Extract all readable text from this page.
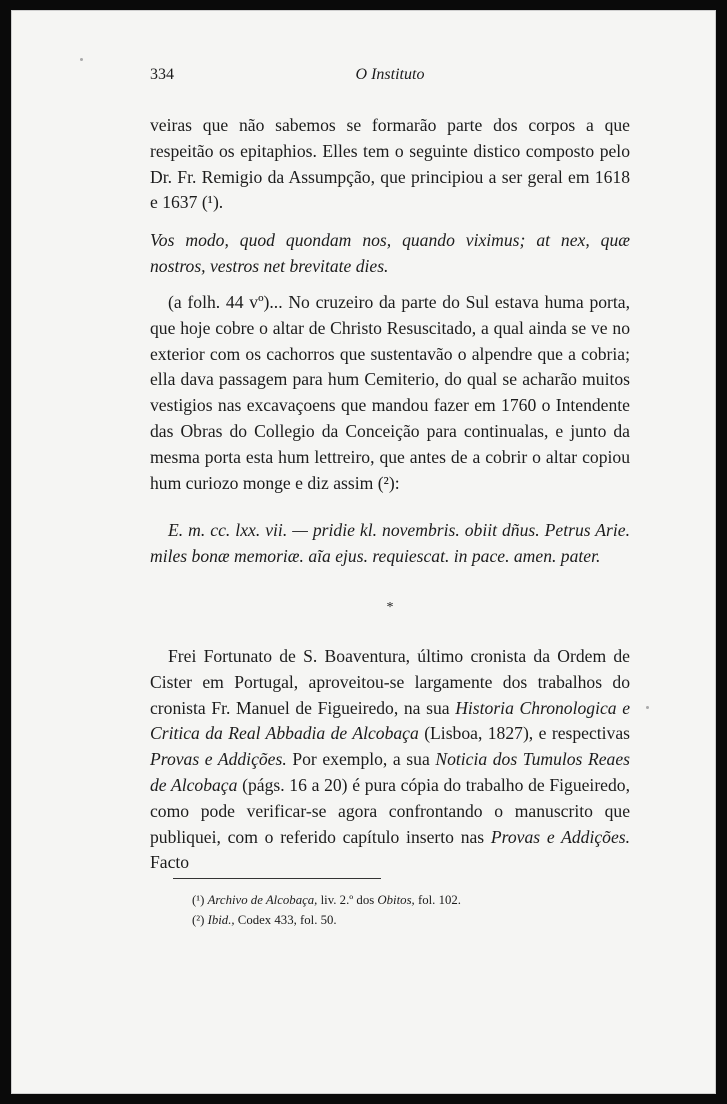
334	O Instituto

veiras que não sabemos se formarão parte dos corpos a que respeitão os epitaphios. Elles tem o seguinte distico composto pelo Dr. Fr. Remigio da Assumpção, que principiou a ser geral em 1618 e 1637 (¹).

Vos modo, quod quondam nos, quando viximus; at nex, quæ nostros, vestros net brevitate dies.

(a folh. 44 vº)... No cruzeiro da parte do Sul estava huma porta, que hoje cobre o altar de Christo Resuscitado, a qual ainda se ve no exterior com os cachorros que sustentavão o alpendre que a cobria; ella dava passagem para hum Cemiterio, do qual se acharão muitos vestigios nas excavaçoens que mandou fazer em 1760 o Intendente das Obras do Collegio da Conceição para continualas, e junto da mesma porta esta hum lettreiro, que antes de a cobrir o altar copiou hum curiozo monge e diz assim (²):

E. m. cc. lxx. vii. — pridie kl. novembris. obiit dñus. Petrus Arie. miles bonæ memoriæ. aĩa ejus. requiescat. in pace. amen. pater.

*

Frei Fortunato de S. Boaventura, último cronista da Ordem de Cister em Portugal, aproveitou-se largamente dos trabalhos do cronista Fr. Manuel de Figueiredo, na sua Historia Chronologica e Critica da Real Abbadia de Alcobaça (Lisboa, 1827), e respectivas Provas e Addições. Por exemplo, a sua Noticia dos Tumulos Reaes de Alcobaça (págs. 16 a 20) é pura cópia do trabalho de Figueiredo, como pode verificar-se agora confrontando o manuscrito que publiquei, com o referido capítulo inserto nas Provas e Addições. Facto

(¹) Archivo de Alcobaça, liv. 2.º dos Obitos, fol. 102.
(²) Ibid., Codex 433, fol. 50.
